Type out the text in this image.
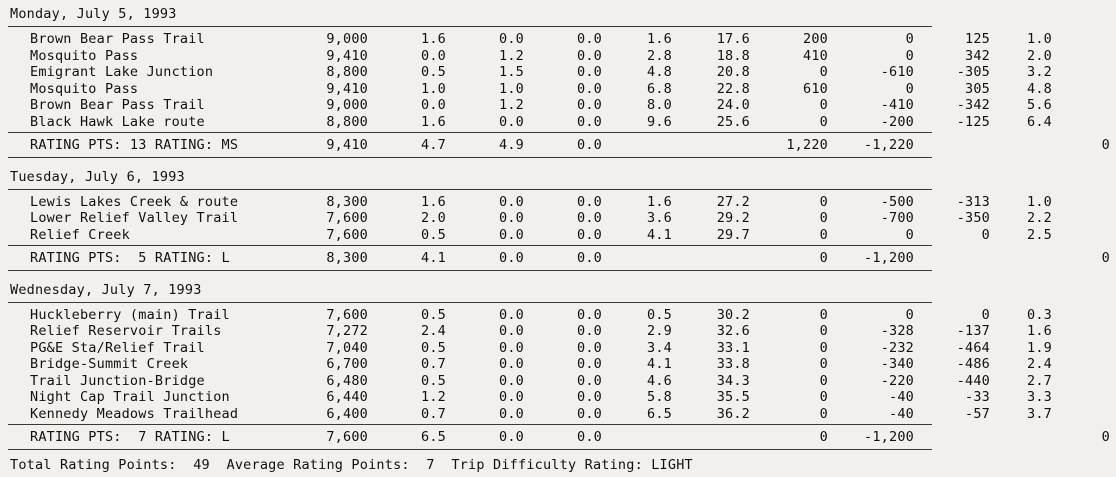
Monday, July 5, 1993
Brown Bear Pass Trail	9,000	1.6	0.0	0.0	1.6	17.6	200	0	125	1.0	
Mosquito Pass	9,410	0.0	1.2	0.0	2.8	18.8	410	0	342	2.0	
Emigrant Lake Junction	8,800	0.5	1.5	0.0	4.8	20.8	0	-610	-305	3.2	
Mosquito Pass	9,410	1.0	1.0	0.0	6.8	22.8	610	0	305	4.8	
Brown Bear Pass Trail	9,000	0.0	1.2	0.0	8.0	24.0	0	-410	-342	5.6	
Black Hawk Lake route	8,800	1.6	0.0	0.0	9.6	25.6	0	-200	-125	6.4	
RATING PTS: 13 RATING: MS	9,410	4.7	4.9	0.0			1,220	-1,220			0
Tuesday, July 6, 1993
Lewis Lakes Creek & route	8,300	1.6	0.0	0.0	1.6	27.2	0	-500	-313	1.0	
Lower Relief Valley Trail	7,600	2.0	0.0	0.0	3.6	29.2	0	-700	-350	2.2	
Relief Creek	7,600	0.5	0.0	0.0	4.1	29.7	0	0	0	2.5	
RATING PTS:  5 RATING: L	8,300	4.1	0.0	0.0			0	-1,200			0
Wednesday, July 7, 1993
Huckleberry (main) Trail	7,600	0.5	0.0	0.0	0.5	30.2	0	0	0	0.3	
Relief Reservoir Trails	7,272	2.4	0.0	0.0	2.9	32.6	0	-328	-137	1.6	
PG&E Sta/Relief Trail	7,040	0.5	0.0	0.0	3.4	33.1	0	-232	-464	1.9	
Bridge-Summit Creek	6,700	0.7	0.0	0.0	4.1	33.8	0	-340	-486	2.4	
Trail Junction-Bridge	6,480	0.5	0.0	0.0	4.6	34.3	0	-220	-440	2.7	
Night Cap Trail Junction	6,440	1.2	0.0	0.0	5.8	35.5	0	-40	-33	3.3	
Kennedy Meadows Trailhead	6,400	0.7	0.0	0.0	6.5	36.2	0	-40	-57	3.7	
RATING PTS:  7 RATING: L	7,600	6.5	0.0	0.0			0	-1,200			0
Total Rating Points:  49  Average Rating Points:  7  Trip Difficulty Rating: LIGHT
